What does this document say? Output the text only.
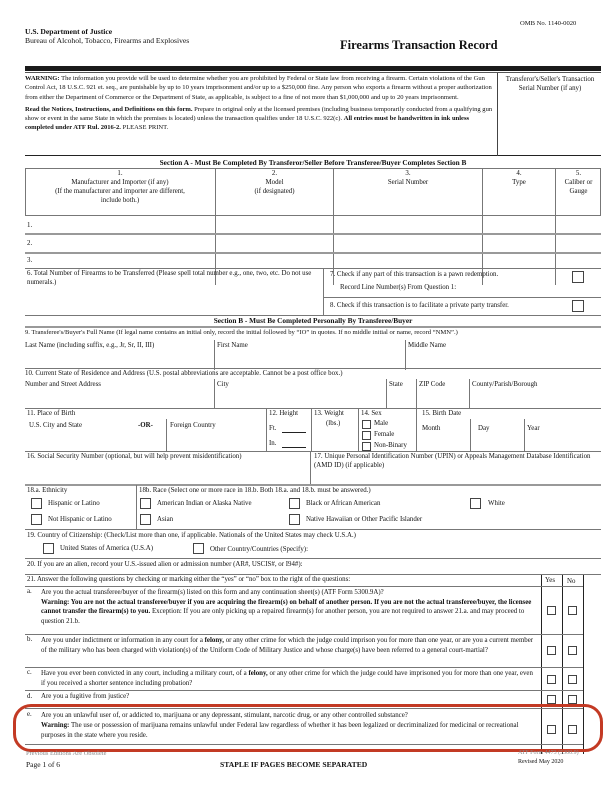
OMB No. 1140-0020
U.S. Department of Justice
Bureau of Alcohol, Tobacco, Firearms and Explosives	Firearms Transaction Record

WARNING: The information you provide will be used to determine whether you are prohibited by Federal or State law from receiving a firearm. Certain violations of the Gun Control Act, 18 U.S.C. 921 et. seq., are punishable by up to 10 years imprisonment and/or up to a $250,000 fine. Any person who exports a firearm without a proper authorization from either the Department of Commerce or the Department of State, as applicable, is subject to a fine of not more than $1,000,000 and up to 20 years imprisonment.

Read the Notices, Instructions, and Definitions on this form. Prepare in original only at the licensed premises (including business temporarily conducted from a qualifying gun show or event in the same State in which the premises is located) unless the transaction qualifies under 18 U.S.C. 922(c). All entries must be handwritten in ink unless completed under ATF Rul. 2016-2. PLEASE PRINT.

Transferor's/Seller's Transaction Serial Number (if any)
Section A - Must Be Completed By Transferor/Seller Before Transferee/Buyer Completes Section B
1.
Manufacturer and Importer (if any)
(If the manufacturer and importer are different, include both.)
2.
Model
(if designated)
3.
Serial Number
4.
Type
5.
Caliber or Gauge
1.
2.
3.
6. Total Number of Firearms to be Transferred (Please spell total number e.g., one, two, etc. Do not use numerals.)
7. Check if any part of this transaction is a pawn redemption.
Record Line Number(s) From Question 1:
8. Check if this transaction is to facilitate a private party transfer.
Section B - Must Be Completed Personally By Transferee/Buyer
9. Transferee's/Buyer's Full Name (If legal name contains an initial only, record the initial followed by “IO” in quotes. If no middle initial or name, record “NMN”.)
Last Name (including suffix, e.g., Jr, Sr, II, III)	First Name	Middle Name
10. Current State of Residence and Address (U.S. postal abbreviations are acceptable. Cannot be a post office box.)
Number and Street Address	City	State ZIP Code	County/Parish/Borough
11. Place of Birth
U.S. City and State	-OR- Foreign Country
12. Height
Ft.
In.
13. Weight
(lbs.)
14. Sex
Male
Female
Non-Binary
15. Birth Date
Month	Day	Year
16. Social Security Number (optional, but will help prevent misidentification)	17. Unique Personal Identification Number (UPIN) or Appeals Management Database Identification (AMD ID) (if applicable)
18.a. Ethnicity
Hispanic or Latino
Not Hispanic or Latino
18b. Race (Select one or more race in 18.b. Both 18.a. and 18.b. must be answered.)
American Indian or Alaska Native	Black or African American	White
Asian	Native Hawaiian or Other Pacific Islander
19. Country of Citizenship: (Check/List more than one, if applicable. Nationals of the United States may check U.S.A.)
United States of America (U.S.A)	Other Country/Countries (Specify):
20. If you are an alien, record your U.S.-issued alien or admission number (AR#, USCIS#, or I94#):
21. Answer the following questions by checking or marking either the “yes” or “no” box to the right of the questions:	Yes No
a. Are you the actual transferee/buyer of the firearm(s) listed on this form and any continuation sheet(s) (ATF Form 5300.9A)?
Warning: You are not the actual transferee/buyer if you are acquiring the firearm(s) on behalf of another person. If you are not the actual transferee/buyer, the licensee cannot transfer the firearm(s) to you. Exception: If you are only picking up a repaired firearm(s) for another person, you are not required to answer 21.a. and may proceed to question 21.b.
b. Are you under indictment or information in any court for a felony, or any other crime for which the judge could imprison you for more than one year, or are you a current member of the military who has been charged with violation(s) of the Uniform Code of Military Justice and whose charge(s) have been referred to a general court-martial?
c. Have you ever been convicted in any court, including a military court, of a felony, or any other crime for which the judge could have imprisoned you for more than one year, even if you received a shorter sentence including probation?
d. Are you a fugitive from justice?
e. Are you an unlawful user of, or addicted to, marijuana or any depressant, stimulant, narcotic drug, or any other controlled substance?
Warning: The use or possession of marijuana remains unlawful under Federal law regardless of whether it has been legalized or decriminalized for medicinal or recreational purposes in the state where you reside.
Previous Editions Are Obsolete
Page 1 of 6	STAPLE IF PAGES BECOME SEPARATED
ATF Form 4473 (5300.9)
Revised May 2020
